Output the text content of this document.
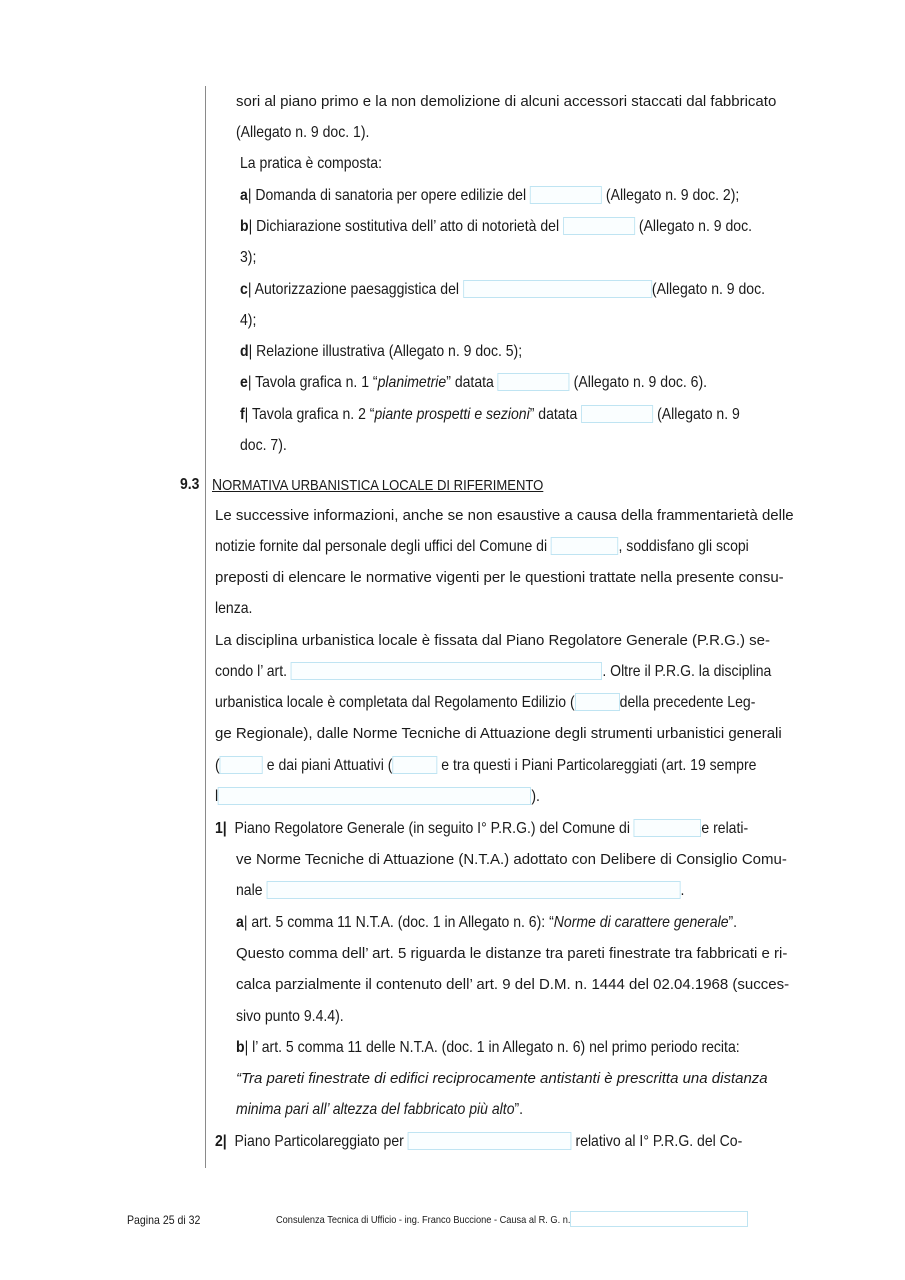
sori al piano primo e la non demolizione di alcuni accessori staccati dal fabbricato
(Allegato n. 9 doc. 1).
La pratica è composta:
a| Domanda di sanatoria per opere edilizie del	(Allegato n. 9 doc. 2);
b| Dichiarazione sostitutiva dell’ atto di notorietà del	(Allegato n. 9 doc.
3);
c| Autorizzazione paesaggistica del	(Allegato n. 9 doc.
4);
d| Relazione illustrativa (Allegato n. 9 doc. 5);
e| Tavola grafica n. 1 “planimetrie” datata	(Allegato n. 9 doc. 6).
f| Tavola grafica n. 2 “piante prospetti e sezioni” datata	(Allegato n. 9
doc. 7).
9.3 NORMATIVA URBANISTICA LOCALE DI RIFERIMENTO
Le successive informazioni, anche se non esaustive a causa della frammentarietà delle
notizie fornite dal personale degli uffici del Comune di	, soddisfano gli scopi
preposti di elencare le normative vigenti per le questioni trattate nella presente consu-
lenza.
La disciplina urbanistica locale è fissata dal Piano Regolatore Generale (P.R.G.) se-
condo l’ art.	. Oltre il P.R.G. la disciplina
urbanistica locale è completata dal Regolamento Edilizio (	della precedente Leg-
ge Regionale), dalle Norme Tecniche di Attuazione degli strumenti urbanistici generali
(	e dai piani Attuativi (	e tra questi i Piani Particolareggiati (art. 19 sempre
l	).
1| Piano Regolatore Generale (in seguito I° P.R.G.) del Comune di	e relati-
ve Norme Tecniche di Attuazione (N.T.A.) adottato con Delibere di Consiglio Comu-
nale	.
a| art. 5 comma 11 N.T.A. (doc. 1 in Allegato n. 6): “Norme di carattere generale”.
Questo comma dell’ art. 5 riguarda le distanze tra pareti finestrate tra fabbricati e ri-
calca parzialmente il contenuto dell’ art. 9 del D.M. n. 1444 del 02.04.1968 (succes-
sivo punto 9.4.4).
b| l’ art. 5 comma 11 delle N.T.A. (doc. 1 in Allegato n. 6) nel primo periodo recita:
“Tra pareti finestrate di edifici reciprocamente antistanti è prescritta una distanza
minima pari all’ altezza del fabbricato più alto”.
2| Piano Particolareggiato per	relativo al I° P.R.G. del Co-
Pagina 25 di 32	Consulenza Tecnica di Ufficio - ing. Franco Buccione - Causa al R. G. n.
